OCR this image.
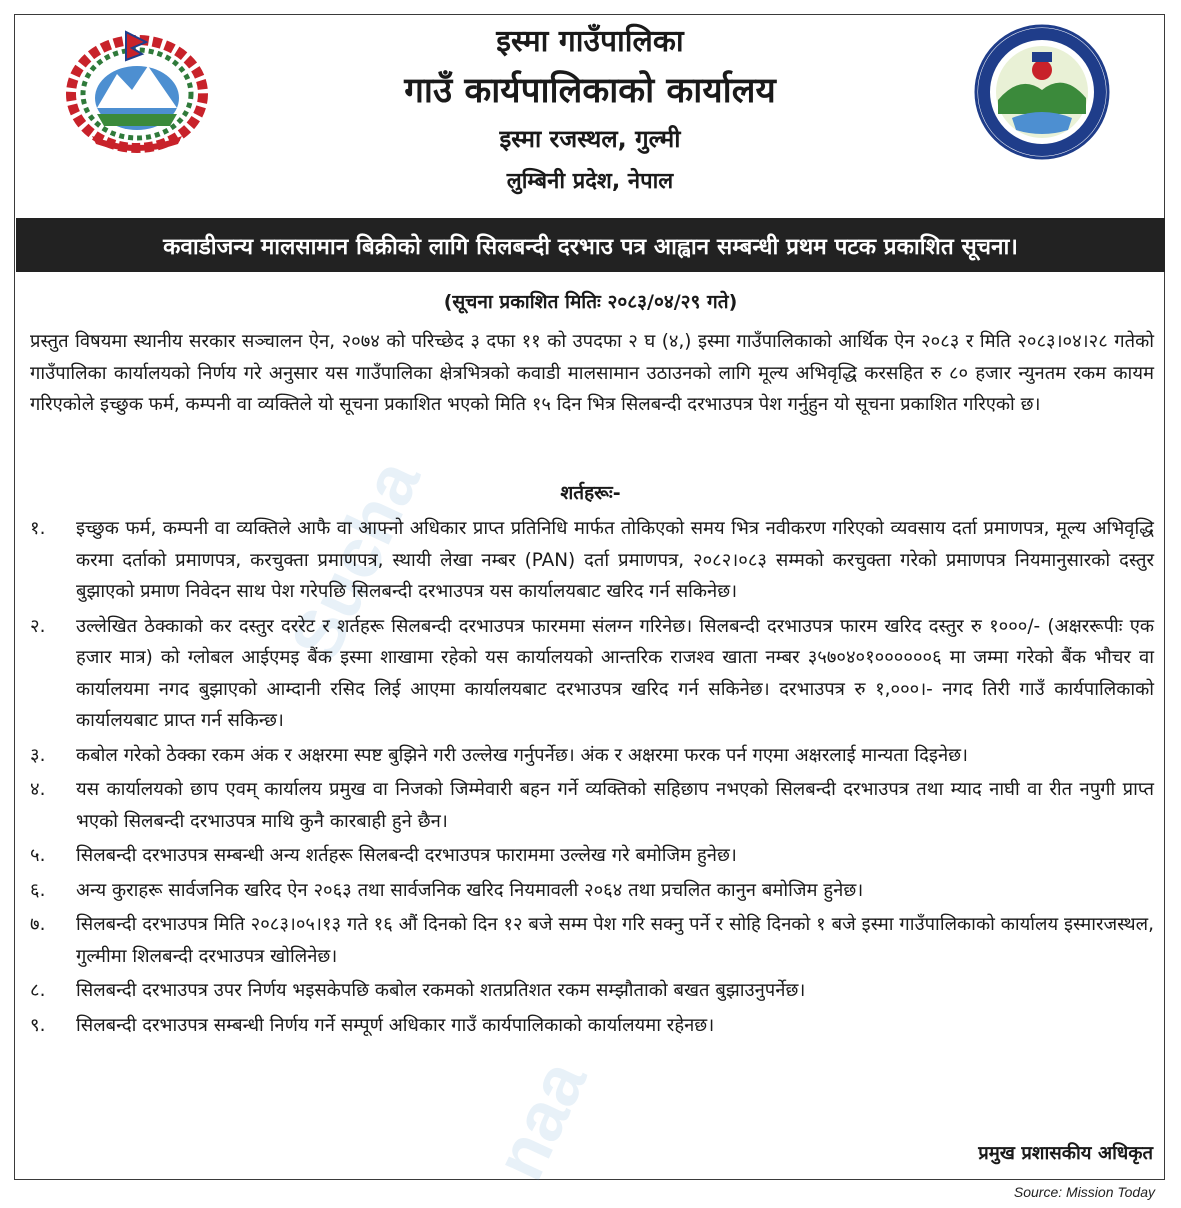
Sucha
naa
इस्मा गाउँपालिका
गाउँ कार्यपालिकाको कार्यालय
इस्मा रजस्थल, गुल्मी
लुम्बिनी प्रदेश, नेपाल
कवाडीजन्य मालसामान बिक्रीको लागि सिलबन्दी दरभाउ पत्र आह्वान सम्बन्धी प्रथम पटक प्रकाशित सूचना।
(सूचना प्रकाशित मितिः २०८३/०४/२९ गते)
प्रस्तुत विषयमा स्थानीय सरकार सञ्चालन ऐन, २०७४ को परिच्छेद ३ दफा ११ को उपदफा २ घ (४,) इस्मा गाउँपालिकाको आर्थिक ऐन २०८३ र मिति २०८३।०४।२८ गतेको गाउँपालिका कार्यालयको निर्णय गरे अनुसार यस गाउँपालिका क्षेत्रभित्रको कवाडी मालसामान उठाउनको लागि मूल्य अभिवृद्धि करसहित रु ८० हजार न्युनतम रकम कायम गरिएकोले इच्छुक फर्म, कम्पनी वा व्यक्तिले यो सूचना प्रकाशित भएको मिति १५ दिन भित्र सिलबन्दी दरभाउपत्र पेश गर्नुहुन यो सूचना प्रकाशित गरिएको छ।
शर्तहरूः-
१.	इच्छुक फर्म, कम्पनी वा व्यक्तिले आफै वा आफ्नो अधिकार प्राप्त प्रतिनिधि मार्फत तोकिएको समय भित्र नवीकरण गरिएको व्यवसाय दर्ता प्रमाणपत्र, मूल्य अभिवृद्धि करमा दर्ताको प्रमाणपत्र, करचुक्ता प्रमाणपत्र, स्थायी लेखा नम्बर (PAN) दर्ता प्रमाणपत्र, २०८२।०८३ सम्मको करचुक्ता गरेको प्रमाणपत्र नियमानुसारको दस्तुर बुझाएको प्रमाण निवेदन साथ पेश गरेपछि सिलबन्दी दरभाउपत्र यस कार्यालयबाट खरिद गर्न सकिनेछ।
२.	उल्लेखित ठेक्काको कर दस्तुर दररेट र शर्तहरू सिलबन्दी दरभाउपत्र फारममा संलग्न गरिनेछ। सिलबन्दी दरभाउपत्र फारम खरिद दस्तुर रु १०००/- (अक्षररूपीः एक हजार मात्र) को ग्लोबल आईएमइ बैंक इस्मा शाखामा रहेको यस कार्यालयको आन्तरिक राजश्व खाता नम्बर ३५७०४०१००००००६ मा जम्मा गरेको बैंक भौचर वा कार्यालयमा नगद बुझाएको आम्दानी रसिद लिई आएमा कार्यालयबाट दरभाउपत्र खरिद गर्न सकिनेछ। दरभाउपत्र रु १,०००।- नगद तिरी गाउँ कार्यपालिकाको कार्यालयबाट प्राप्त गर्न सकिन्छ।
३.	कबोल गरेको ठेक्का रकम अंक र अक्षरमा स्पष्ट बुझिने गरी उल्लेख गर्नुपर्नेछ। अंक र अक्षरमा फरक पर्न गएमा अक्षरलाई मान्यता दिइनेछ।
४.	यस कार्यालयको छाप एवम् कार्यालय प्रमुख वा निजको जिम्मेवारी बहन गर्ने व्यक्तिको सहिछाप नभएको सिलबन्दी दरभाउपत्र तथा म्याद नाघी वा रीत नपुगी प्राप्त भएको सिलबन्दी दरभाउपत्र माथि कुनै कारबाही हुने छैन।
५.	सिलबन्दी दरभाउपत्र सम्बन्धी अन्य शर्तहरू सिलबन्दी दरभाउपत्र फाराममा उल्लेख गरे बमोजिम हुनेछ।
६.	अन्य कुराहरू सार्वजनिक खरिद ऐन २०६३ तथा सार्वजनिक खरिद नियमावली २०६४ तथा प्रचलित कानुन बमोजिम हुनेछ।
७.	सिलबन्दी दरभाउपत्र मिति २०८३।०५।१३ गते १६ औं दिनको दिन १२ बजे सम्म पेश गरि सक्नु पर्ने र सोहि दिनको १ बजे इस्मा गाउँपालिकाको कार्यालय इस्मारजस्थल, गुल्मीमा शिलबन्दी दरभाउपत्र खोलिनेछ।
८.	सिलबन्दी दरभाउपत्र उपर निर्णय भइसकेपछि कबोल रकमको शतप्रतिशत रकम सम्झौताको बखत बुझाउनुपर्नेछ।
९.	सिलबन्दी दरभाउपत्र सम्बन्धी निर्णय गर्ने सम्पूर्ण अधिकार गाउँ कार्यपालिकाको कार्यालयमा रहेनछ।
प्रमुख प्रशासकीय अधिकृत
Source: Mission Today
